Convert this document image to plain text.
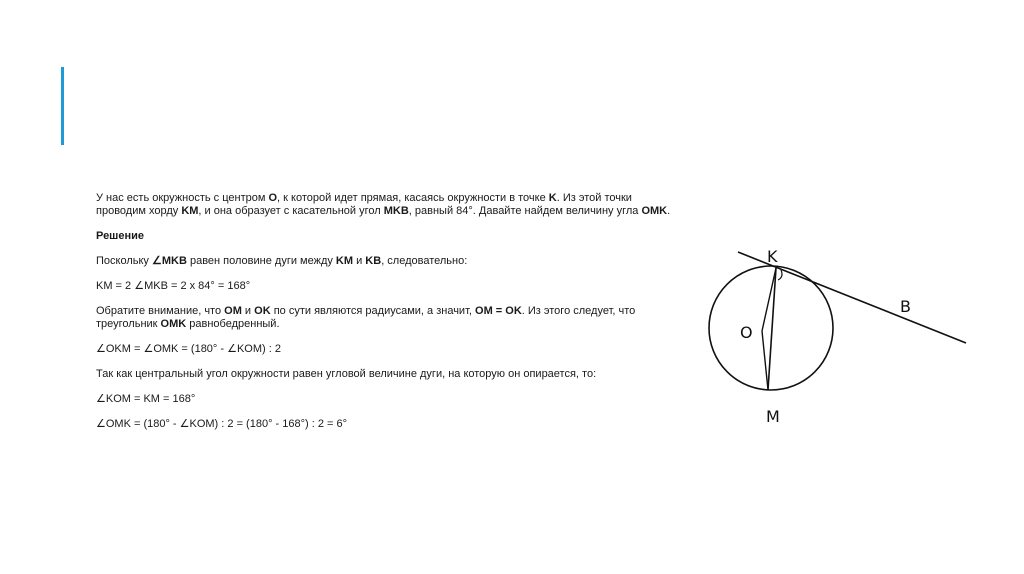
У нас есть окружность с центром O, к которой идет прямая, касаясь окружности в точке K. Из этой точки проводим хорду KM, и она образует с касательной угол MKB, равный 84°. Давайте найдем величину угла OMK.

Решение

Поскольку ∠MKB равен половине дуги между KM и KB, следовательно:

KM = 2 ∠MKB = 2 x 84° = 168°

Обратите внимание, что OM и OK по сути являются радиусами, а значит, OM = OK. Из этого следует, что треугольник OMK равнобедренный.

∠OKM = ∠OMK = (180° - ∠KOM) : 2

Так как центральный угол окружности равен угловой величине дуги, на которую он опирается, то:

∠KOM = KM = 168°

∠OMK = (180° - ∠KOM) : 2 = (180° - 168°) : 2 = 6°

K
B
O
M
